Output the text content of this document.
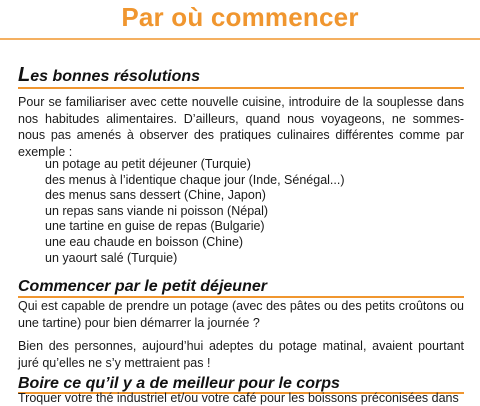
Par où commencer
Les bonnes résolutions

Pour se familiariser avec cette nouvelle cuisine, introduire de la souplesse dans nos habitudes alimentaires. D’ailleurs, quand nous voyageons, ne sommes-nous pas amenés à observer des pratiques culinaires différentes comme par exemple :

un potage au petit déjeuner (Turquie)
des menus à l’identique chaque jour (Inde, Sénégal...)
des menus sans dessert (Chine, Japon)
un repas sans viande ni poisson (Népal)
une tartine en guise de repas (Bulgarie)
une eau chaude en boisson (Chine)
un yaourt salé (Turquie)
Commencer par le petit déjeuner

Qui est capable de prendre un potage (avec des pâtes ou des petits croûtons ou une tartine) pour bien démarrer la journée ?

Bien des personnes, aujourd’hui adeptes du potage matinal, avaient pourtant juré qu’elles ne s’y mettraient pas !

Boire ce qu’il y a de meilleur pour le corps

Troquer votre thé industriel et/ou votre café pour les boissons préconisées dans
